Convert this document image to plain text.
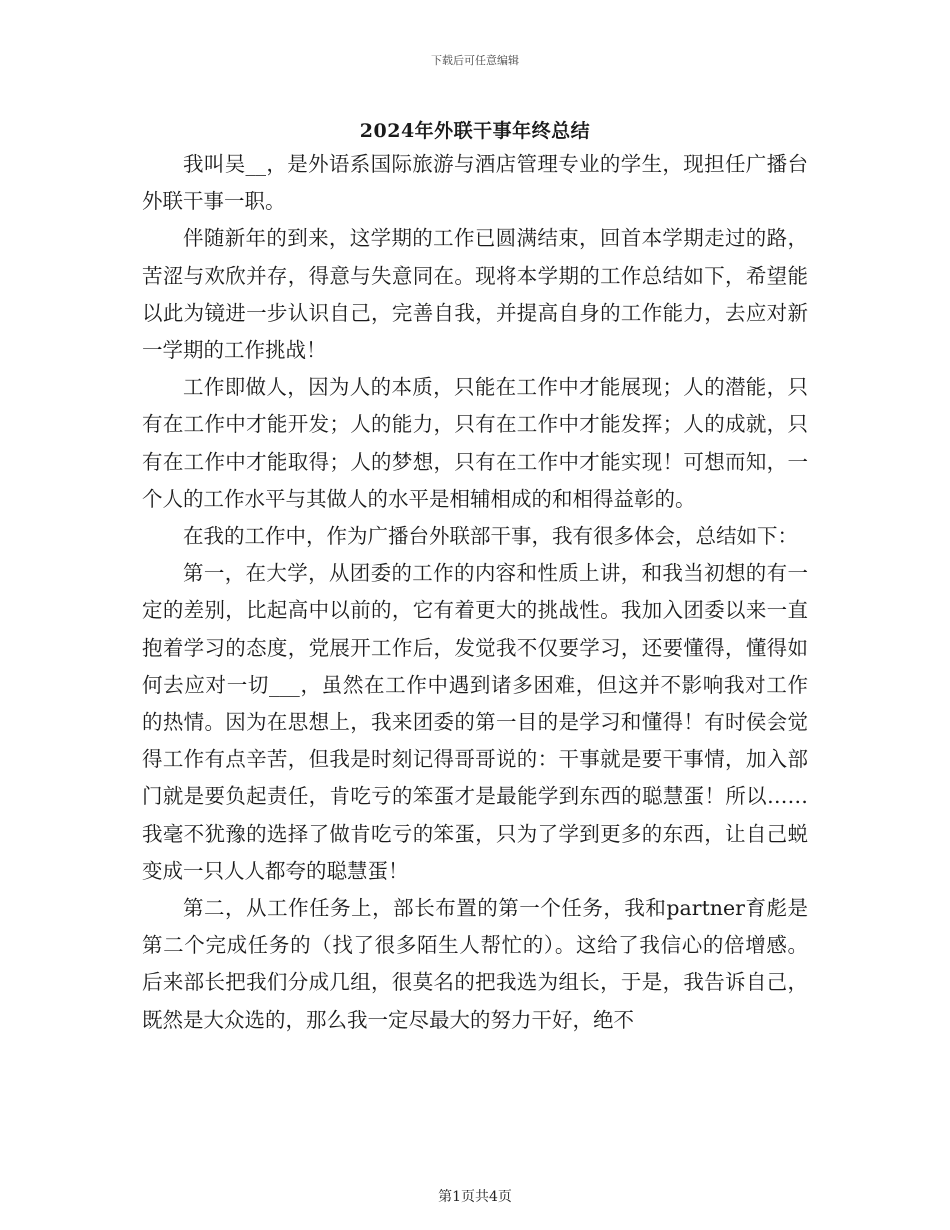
下载后可任意编辑
2024年外联干事年终总结

我叫吴__，是外语系国际旅游与酒店管理专业的学生，现担任广播台外联干事一职。

伴随新年的到来，这学期的工作已圆满结束，回首本学期走过的路，苦涩与欢欣并存，得意与失意同在。现将本学期的工作总结如下，希望能以此为镜进一步认识自己，完善自我，并提高自身的工作能力，去应对新一学期的工作挑战！

工作即做人，因为人的本质，只能在工作中才能展现；人的潜能，只有在工作中才能开发；人的能力，只有在工作中才能发挥；人的成就，只有在工作中才能取得；人的梦想，只有在工作中才能实现！可想而知，一个人的工作水平与其做人的水平是相辅相成的和相得益彰的。

在我的工作中，作为广播台外联部干事，我有很多体会，总结如下：

第一，在大学，从团委的工作的内容和性质上讲，和我当初想的有一定的差别，比起高中以前的，它有着更大的挑战性。我加入团委以来一直抱着学习的态度，党展开工作后，发觉我不仅要学习，还要懂得，懂得如何去应对一切___，虽然在工作中遇到诸多困难，但这并不影响我对工作的热情。因为在思想上，我来团委的第一目的是学习和懂得！有时侯会觉得工作有点辛苦，但我是时刻记得哥哥说的：干事就是要干事情，加入部门就是要负起责任，肯吃亏的笨蛋才是最能学到东西的聪慧蛋！所以……我毫不犹豫的选择了做肯吃亏的笨蛋，只为了学到更多的东西，让自己蜕变成一只人人都夸的聪慧蛋！

第二，从工作任务上，部长布置的第一个任务，我和partner育彪是第二个完成任务的（找了很多陌生人帮忙的）。这给了我信心的倍增感。后来部长把我们分成几组，很莫名的把我选为组长，于是，我告诉自己，既然是大众选的，那么我一定尽最大的努力干好，绝不

第1页共4页
